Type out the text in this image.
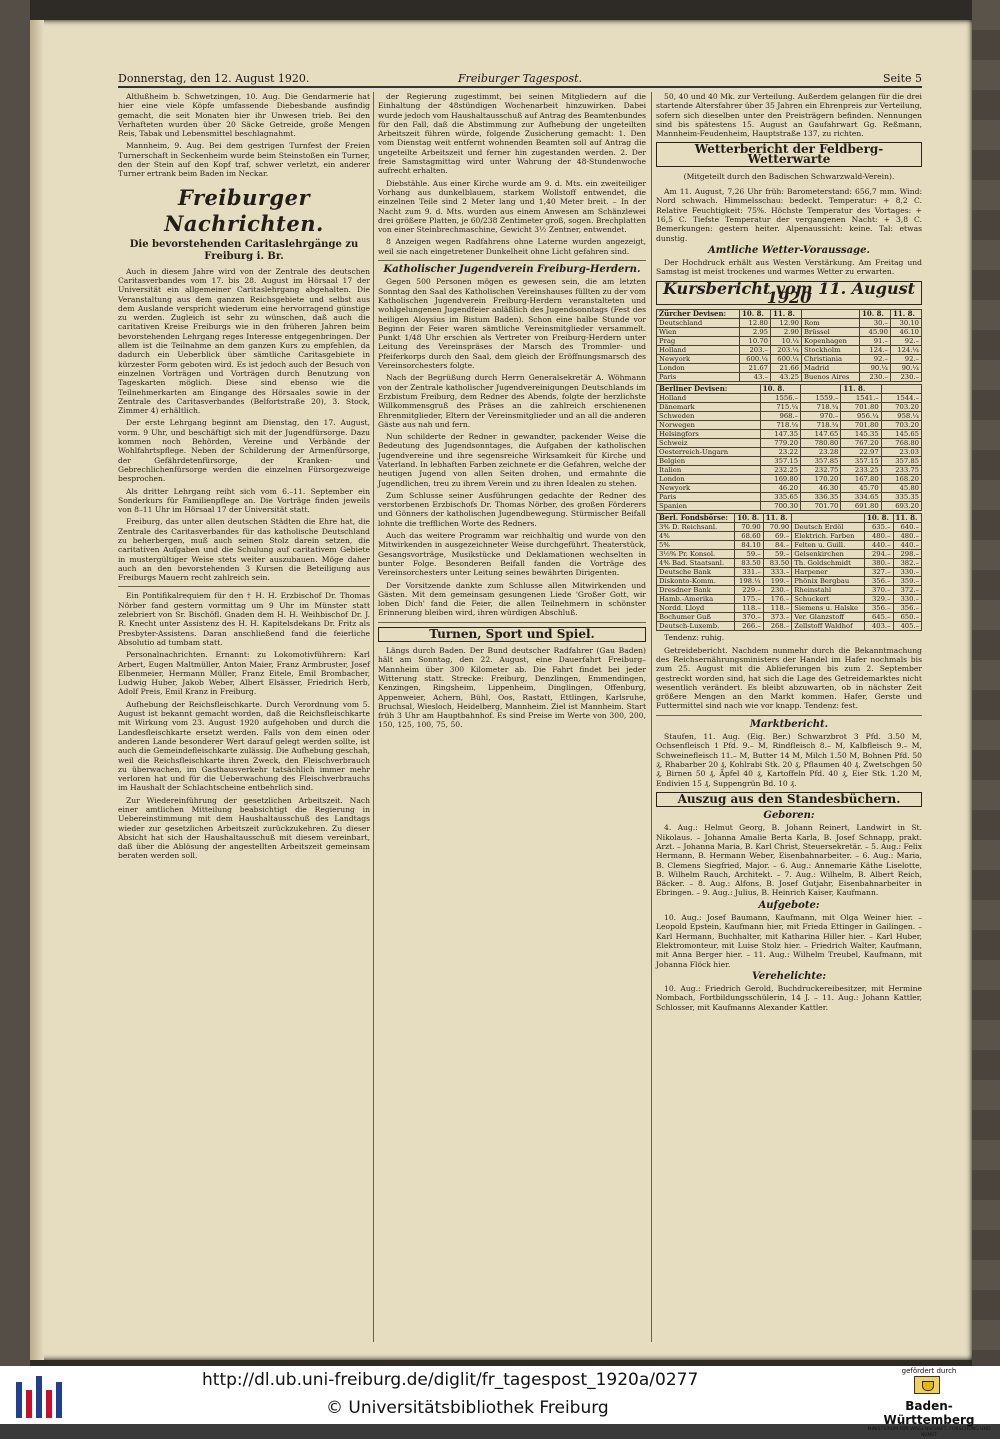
Donnerstag, den 12. August 1920.	Freiburger Tagespost.	Seite 5

Altlußheim b. Schwetzingen, 10. Aug. Die Gendarmerie hat hier eine viele Köpfe umfassende Diebesbande ausfindig gemacht, die seit Monaten hier ihr Unwesen trieb. Bei den Verhafteten wurden über 20 Säcke Getreide, große Mengen Reis, Tabak und Lebensmittel beschlagnahmt.

Mannheim, 9. Aug. Bei dem gestrigen Turnfest der Freien Turnerschaft in Seckenheim wurde beim Steinstoßen ein Turner, den der Stein auf den Kopf traf, schwer verletzt, ein anderer Turner ertrank beim Baden im Neckar.

Freiburger Nachrichten.
Die bevorstehenden Caritaslehrgänge zu Freiburg i. Br.

Auch in diesem Jahre wird von der Zentrale des deutschen Caritasverbandes vom 17. bis 28. August im Hörsaal 17 der Universität ein allgemeiner Caritaslehrgang abgehalten. Die Veranstaltung aus dem ganzen Reichsgebiete und selbst aus dem Auslande verspricht wiederum eine hervorragend günstige zu werden. Zugleich ist sehr zu wünschen, daß auch die caritativen Kreise Freiburgs wie in den früheren Jahren beim bevorstehenden Lehrgang reges Interesse entgegenbringen. Der allem ist die Teilnahme an dem ganzen Kurs zu empfehlen, da dadurch ein Ueberblick über sämtliche Caritasgebiete in kürzester Form geboten wird. Es ist jedoch auch der Besuch von einzelnen Vorträgen und Vorträgen durch Benutzung von Tageskarten möglich. Diese sind ebenso wie die Teilnehmerkarten am Eingange des Hörsaales sowie in der Zentrale des Caritasverbandes (Belfortstraße 20), 3. Stock, Zimmer 4) erhältlich.

Der erste Lehrgang beginnt am Dienstag, den 17. August, vorm. 9 Uhr, und beschäftigt sich mit der Jugendfürsorge. Dazu kommen noch Behörden, Vereine und Verbände der Wohlfahrtspflege. Neben der Schilderung der Armenfürsorge, der Gefährdetenfürsorge, der Kranken- und Gebrechlichenfürsorge werden die einzelnen Fürsorgezweige besprochen.

Als dritter Lehrgang reiht sich vom 6.–11. September ein Sonderkurs für Familienpflege an. Die Vorträge finden jeweils von 8–11 Uhr im Hörsaal 17 der Universität statt.

Freiburg, das unter allen deutschen Städten die Ehre hat, die Zentrale des Caritasverbandes für das katholische Deutschland zu beherbergen, muß auch seinen Stolz darein setzen, die caritativen Aufgaben und die Schulung auf caritativem Gebiete in mustergültiger Weise stets weiter auszubauen. Möge daher auch an den bevorstehenden 3 Kursen die Beteiligung aus Freiburgs Mauern recht zahlreich sein.

Ein Pontifikalrequiem für den † H. H. Erzbischof Dr. Thomas Nörber fand gestern vormittag um 9 Uhr im Münster statt zelebriert von Sr. Bischöfl. Gnaden dem H. H. Weihbischof Dr. J. R. Knecht unter Assistenz des H. H. Kapitelsdekans Dr. Fritz als Presbyter-Assistens. Daran anschließend fand die feierliche Absolutio ad tumbam statt.

Personalnachrichten. Ernannt: zu Lokomotivführern: Karl Arbert, Eugen Maltmüller, Anton Maier, Franz Armbruster, Josef Elbenmeier, Hermann Müller, Franz Eitele, Emil Brombacher, Ludwig Huber, Jakob Weber, Albert Elsässer, Friedrich Herb, Adolf Preis, Emil Kranz in Freiburg.

Aufhebung der Reichsfleischkarte. Durch Verordnung vom 5. August ist bekannt gemacht worden, daß die Reichsfleischkarte mit Wirkung vom 23. August 1920 aufgehoben und durch die Landesfleischkarte ersetzt werden. Falls von dem einen oder anderen Lande besonderer Wert darauf gelegt werden sollte, ist auch die Gemeindefleischkarte zulässig. Die Aufhebung geschah, weil die Reichsfleischkarte ihren Zweck, den Fleischverbrauch zu überwachen, im Gasthausverkehr tatsächlich immer mehr verloren hat und für die Ueberwachung des Fleischverbrauchs im Haushalt der Schlachtscheine entbehrlich sind.

Zur Wiedereinführung der gesetzlichen Arbeitszeit. Nach einer amtlichen Mitteilung beabsichtigt die Regierung in Uebereinstimmung mit dem Haushaltausschuß des Landtags wieder zur gesetzlichen Arbeitszeit zurückzukehren. Zu dieser Absicht hat sich der Haushaltausschuß mit diesem vereinbart, daß über die Ablösung der angestellten Arbeitszeit gemeinsam beraten werden soll.

der Regierung zugestimmt, bei seinen Mitgliedern auf die Einhaltung der 48stündigen Wochenarbeit hinzuwirken. Dabei wurde jedoch vom Haushaltausschuß auf Antrag des Beamtenbundes für den Fall, daß die Abstimmung zur Aufhebung der ungeteilten Arbeitszeit führen würde, folgende Zusicherung gemacht: 1. Den vom Dienstag weit entfernt wohnenden Beamten soll auf Antrag die ungeteilte Arbeitszeit und ferner hin zugestanden werden. 2. Der freie Samstagmittag wird unter Wahrung der 48-Stundenwoche aufrecht erhalten.

Diebstähle. Aus einer Kirche wurde am 9. d. Mts. ein zweiteiliger Vorhang aus dunkelblauem, starkem Wollstoff entwendet, die einzelnen Teile sind 2 Meter lang und 1,40 Meter breit. – In der Nacht zum 9. d. Mts. wurden aus einem Anwesen am Schänzlewei drei größere Platten, je 60/238 Zentimeter groß, sogen. Brechplatten von einer Steinbrechmaschine, Gewicht 3½ Zentner, entwendet.

8 Anzeigen wegen Radfahrens ohne Laterne wurden angezeigt, weil sie nach eingetretener Dunkelheit ohne Licht gefahren sind.

Katholischer Jugendverein Freiburg-Herdern.

Gegen 500 Personen mögen es gewesen sein, die am letzten Sonntag den Saal des Katholischen Vereinshauses füllten zu der vom Katholischen Jugendverein Freiburg-Herdern veranstalteten und wohlgelungenen Jugendfeier anläßlich des Jugendsonntags (Fest des heiligen Aloysius im Bistum Baden). Schon eine halbe Stunde vor Beginn der Feier waren sämtliche Vereinsmitglieder versammelt. Punkt 1/48 Uhr erschien als Vertreter von Freiburg-Herdern unter Leitung des Vereinspräses der Marsch des Trommler- und Pfeiferkorps durch den Saal, dem gleich der Eröffnungsmarsch des Vereinsorchesters folgte.

Nach der Begrüßung durch Herrn Generalsekretär A. Wöhmann von der Zentrale katholischer Jugendvereinigungen Deutschlands im Erzbistum Freiburg, dem Redner des Abends, folgte der herzlichste Willkommensgruß des Präses an die zahlreich erschienenen Ehrenmitglieder, Eltern der Vereinsmitglieder und an all die anderen Gäste aus nah und fern.

Nun schilderte der Redner in gewandter, packender Weise die Bedeutung des Jugendsonntages, die Aufgaben der katholischen Jugendvereine und ihre segensreiche Wirksamkeit für Kirche und Vaterland. In lebhaften Farben zeichnete er die Gefahren, welche der heutigen Jugend von allen Seiten drohen, und ermahnte die Jugendlichen, treu zu ihrem Verein und zu ihren Idealen zu stehen.

Zum Schlusse seiner Ausführungen gedachte der Redner des verstorbenen Erzbischofs Dr. Thomas Nörber, des großen Förderers und Gönners der katholischen Jugendbewegung. Stürmischer Beifall lohnte die trefflichen Worte des Redners.

Auch das weitere Programm war reichhaltig und wurde von den Mitwirkenden in ausgezeichneter Weise durchgeführt. Theaterstück, Gesangsvorträge, Musikstücke und Deklamationen wechselten in bunter Folge. Besonderen Beifall fanden die Vorträge des Vereinsorchesters unter Leitung seines bewährten Dirigenten.

Der Vorsitzende dankte zum Schlusse allen Mitwirkenden und Gästen. Mit dem gemeinsam gesungenen Liede 'Großer Gott, wir loben Dich' fand die Feier, die allen Teilnehmern in schönster Erinnerung bleiben wird, ihren würdigen Abschluß.

Turnen, Sport und Spiel.

Längs durch Baden. Der Bund deutscher Radfahrer (Gau Baden) hält am Sonntag, den 22. August, eine Dauerfahrt Freiburg–Mannheim über 300 Kilometer ab. Die Fahrt findet bei jeder Witterung statt. Strecke: Freiburg, Denzlingen, Emmendingen, Kenzingen, Ringsheim, Lippenheim, Dinglingen, Offenburg, Appenweier, Achern, Bühl, Oos, Rastatt, Ettlingen, Karlsruhe, Bruchsal, Wiesloch, Heidelberg, Mannheim. Ziel ist Mannheim. Start früh 3 Uhr am Hauptbahnhof. Es sind Preise im Werte von 300, 200, 150, 125, 100, 75, 50.

50, 40 und 40 Mk. zur Verteilung. Außerdem gelangen für die drei startende Altersfahrer über 35 Jahren ein Ehrenpreis zur Verteilung, sofern sich dieselben unter den Preisträgern befinden. Nennungen sind bis spätestens 15. August an Gaufahrwart Gg. Reßmann, Mannheim-Feudenheim, Hauptstraße 137, zu richten.

Wetterbericht der Feldberg-Wetterwarte
(Mitgeteilt durch den Badischen Schwarzwald-Verein).

Am 11. August, 7,26 Uhr früh: Barometerstand: 656,7 mm. Wind: Nord schwach. Himmelsschau: bedeckt. Temperatur: + 8,2 C. Relative Feuchtigkeit: 75%. Höchste Temperatur des Vortages: + 16,5 C. Tiefste Temperatur der vergangenen Nacht: + 3,8 C. Bemerkungen: gestern heiter. Alpenaussicht: keine. Tal: etwas dunstig.

Amtliche Wetter-Voraussage.

Der Hochdruck erhält aus Westen Verstärkung. Am Freitag und Samstag ist meist trockenes und warmes Wetter zu erwarten.

Kursbericht vom 11. August 1920
Zürcher Devisen:	10. 8.	11. 8.		10. 8.	11. 8.
Deutschland	12.80	12.90	Rom	30.–	30.10
Wien	2.95	2.90	Brüssel	45.90	46.10
Prag	10.70	10.¼	Kopenhagen	91.–	92.–
Holland	203.–	203.¼	Stockholm	124.–	124.¼
Newyork	600.¼	600.¼	Christiania	92.–	92.–
London	21.67	21.66	Madrid	90.¼	90.¼
Paris	43.–	43.25	Buenos Aires	230.–	230.–
Berliner Devisen:	10. 8.		11. 8.	
Holland	1556.–	1559.–	1541.–	1544.–
Dänemark	715.¼	718.¼	701.80	703.20
Schweden	968.–	970.–	956.¼	958.¼
Norwegen	718.¼	718.¼	701.80	703.20
Helsingfors	147.35	147.65	145.35	145.65
Schweiz	779.20	780.80	767.20	768.80
Oesterreich-Ungarn	23.22	23.28	22.97	23.03
Belgien	357.15	357.85	357.15	357.85
Italien	232.25	232.75	233.25	233.75
London	169.80	170.20	167.80	168.20
Newyork	46.20	46.30	45.70	45.80
Paris	335.65	336.35	334.65	335.35
Spanien	700.30	701.70	691.80	693.20
Berl. Fondsbörse:	10. 8.	11. 8.		10. 8.	11. 8.
3% D. Reichsanl.	70.90	70.90	Deutsch Erdöl	635.–	640.–
4%	68.60	69.–	Elektrich. Farben	480.–	480.–
5%	84.10	84.–	Felten u. Guill.	440.–	440.–
3½% Pr. Konsol.	59.–	59.–	Gelsenkirchen	294.–	298.–
4% Bad. Staatsanl.	83.50	83.50	Th. Goldschmidt	380.–	382.–
Deutsche Bank	331.–	333.–	Harpener	327.–	330.–
Diskonto-Komm.	198.¼	199.–	Phönix Bergbau	356.–	359.–
Dresdner Bank	229.–	230.–	Rheinstahl	370.–	372.–
Hamb.-Amerika	175.–	176.–	Schuckert	329.–	330.–
Nordd. Lloyd	118.–	118.–	Siemens u. Halske	356.–	356.–
Bochumer Guß	370.–	373.–	Ver. Glanzstoff	645.–	650.–
Deutsch-Luxemb.	266.–	268.–	Zellstoff Waldhof	403.–	405.–

Tendenz: ruhig.

Getreidebericht. Nachdem nunmehr durch die Bekanntmachung des Reichsernährungsministers der Handel im Hafer nochmals bis zum 25. August mit die Ablieferungen bis zum 2. September gestreckt worden sind, hat sich die Lage des Getreidemarktes nicht wesentlich verändert. Es bleibt abzuwarten, ob in nächster Zeit größere Mengen an den Markt kommen. Hafer, Gerste und Futtermittel sind nach wie vor knapp. Tendenz: fest.

Marktbericht.

Staufen, 11. Aug. (Eig. Ber.) Schwarzbrot 3 Pfd. 3.50 M, Ochsenfleisch 1 Pfd. 9.– M, Rindfleisch 8.– M, Kalbfleisch 9.– M, Schweinefleisch 11.– M, Butter 14 M, Milch 1.50 M, Bohnen Pfd. 50 ₰, Rhabarber 20 ₰, Kohlrabi Stk. 20 ₰, Pflaumen 40 ₰, Zwetschgen 50 ₰, Birnen 50 ₰, Äpfel 40 ₰, Kartoffeln Pfd. 40 ₰, Eier Stk. 1.20 M, Endivien 15 ₰, Suppengrün Bd. 10 ₰.

Auszug aus den Standesbüchern.
Geboren:

4. Aug.: Helmut Georg, B. Johann Reinert, Landwirt in St. Nikolaus. – Johanna Amalie Berta Karla, B. Josef Schnapp, prakt. Arzt. – Johanna Maria, B. Karl Christ, Steuersekretär. – 5. Aug.: Felix Hermann, B. Hermann Weber, Eisenbahnarbeiter. – 6. Aug.: Maria, B. Clemens Siegfried, Major. – 6. Aug.: Annemarie Käthe Liselotte, B. Wilhelm Rauch, Architekt. – 7. Aug.: Wilhelm, B. Albert Reich, Bäcker. – 8. Aug.: Alfons, B. Josef Gutjahr, Eisenbahnarbeiter in Ebringen. – 9. Aug.: Julius, B. Heinrich Kaiser, Kaufmann.

Aufgebote:

10. Aug.: Josef Baumann, Kaufmann, mit Olga Weiner hier. – Leopold Epstein, Kaufmann hier, mit Frieda Ettinger in Gailingen. – Karl Hermann, Buchhalter, mit Katharina Hiller hier. – Karl Huber, Elektromonteur, mit Luise Stolz hier. – Friedrich Walter, Kaufmann, mit Anna Berger hier. – 11. Aug.: Wilhelm Treubel, Kaufmann, mit Johanna Flöck hier.

Verehelichte:

10. Aug.: Friedrich Gerold, Buchdruckereibesitzer, mit Hermine Nombach, Fortbildungsschülerin, 14 J. – 11. Aug.: Johann Kattler, Schlosser, mit Kaufmanns Alexander Kattler.

http://dl.ub.uni-freiburg.de/diglit/fr_tagespost_1920a/0277
© Universitätsbibliothek Freiburg
gefördert durch
Baden-Württemberg
MINISTERIUM FÜR WISSENSCHAFT, FORSCHUNG UND KUNST
